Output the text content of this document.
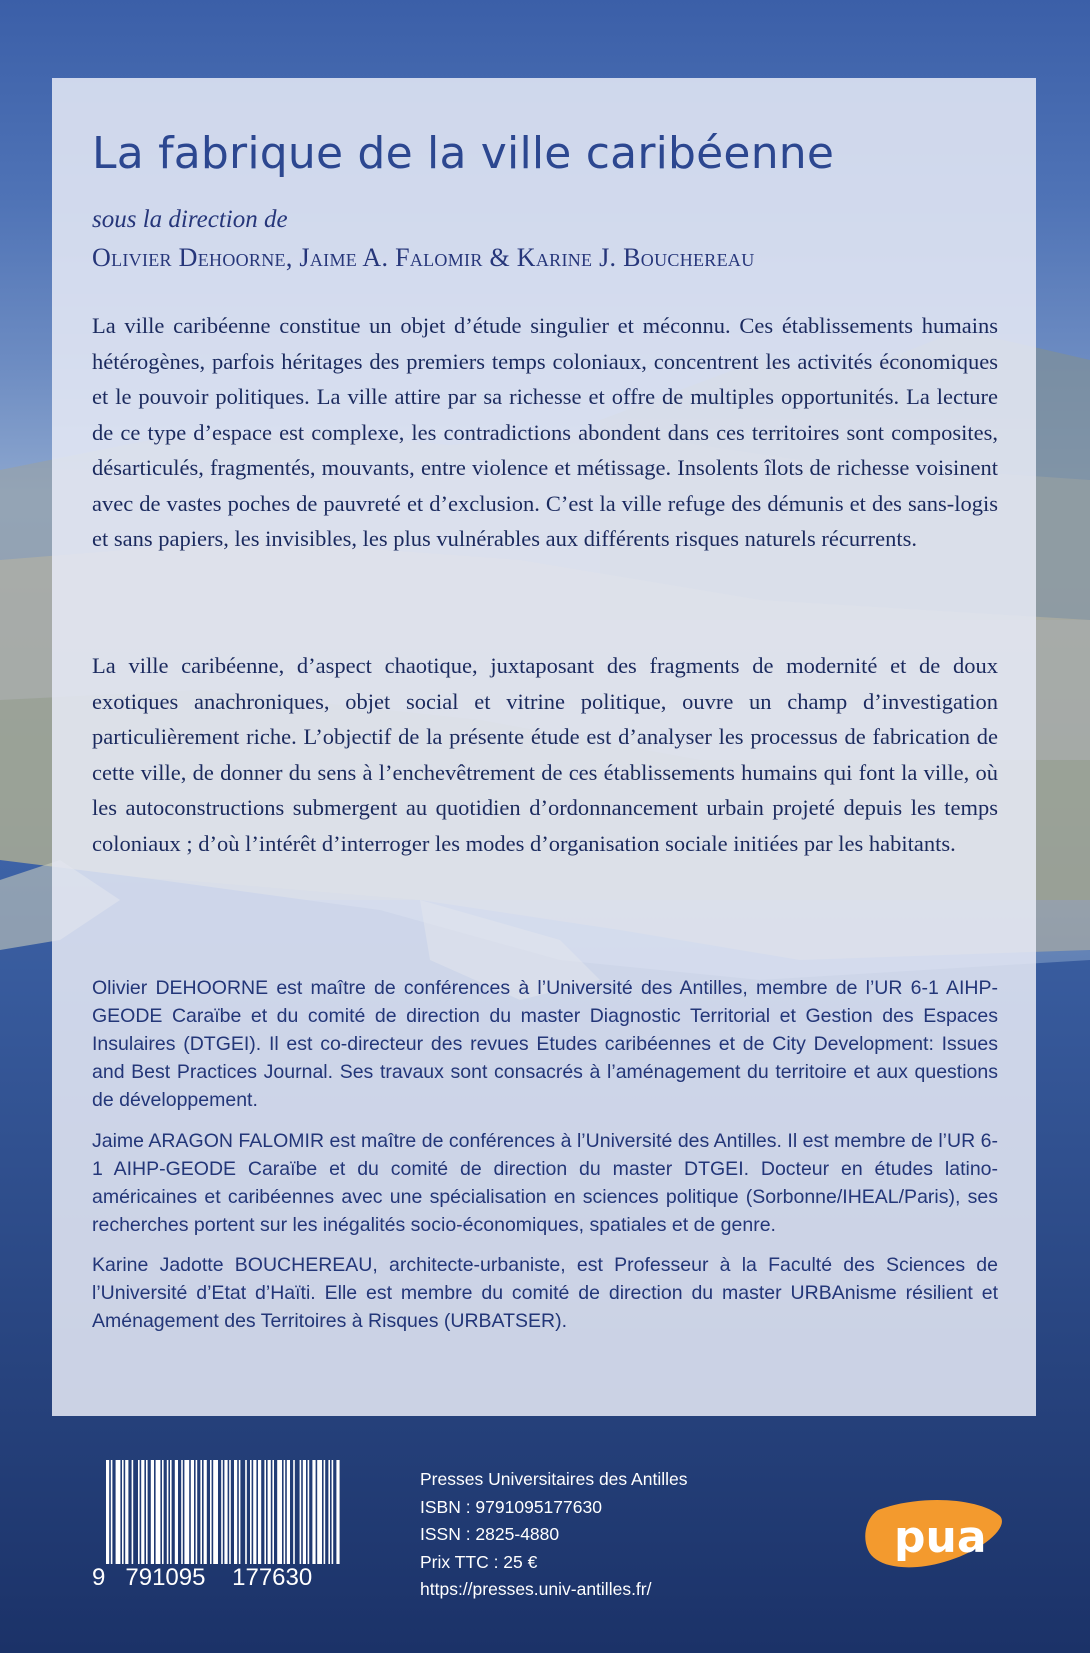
La fabrique de la ville caribéenne
sous la direction de
Olivier Dehoorne, Jaime A. Falomir & Karine J. Bouchereau

La ville caribéenne constitue un objet d’étude singulier et méconnu. Ces établissements humains hétérogènes, parfois héritages des premiers temps coloniaux, concentrent les activités économiques et le pouvoir politiques. La ville attire par sa richesse et offre de multiples opportunités. La lecture de ce type d’espace est complexe, les contradictions abondent dans ces territoires sont composites, désarticulés, fragmentés, mouvants, entre violence et métissage. Insolents îlots de richesse voisinent avec de vastes poches de pauvreté et d’exclusion. C’est la ville refuge des démunis et des sans-logis et sans papiers, les invisibles, les plus vulnérables aux différents risques naturels récurrents.

La ville caribéenne, d’aspect chaotique, juxtaposant des fragments de modernité et de doux exotiques anachroniques, objet social et vitrine politique, ouvre un champ d’investigation particulièrement riche. L’objectif de la présente étude est d’analyser les processus de fabrication de cette ville, de donner du sens à l’enchevêtrement de ces établissements humains qui font la ville, où les autoconstructions submergent au quotidien d’ordonnancement urbain projeté depuis les temps coloniaux ; d’où l’intérêt d’interroger les modes d’organisation sociale initiées par les habitants.

Olivier DEHOORNE est maître de conférences à l’Université des Antilles, membre de l’UR 6-1 AIHP-GEODE Caraïbe et du comité de direction du master Diagnostic Territorial et Gestion des Espaces Insulaires (DTGEI). Il est co-directeur des revues Etudes caribéennes et de City Development: Issues and Best Practices Journal. Ses travaux sont consacrés à l’aménagement du territoire et aux questions de développement.

Jaime ARAGON FALOMIR est maître de conférences à l’Université des Antilles. Il est membre de l’UR 6-1 AIHP-GEODE Caraïbe et du comité de direction du master DTGEI. Docteur en études latino-américaines et caribéennes avec une spécialisation en sciences politique (Sorbonne/IHEAL/Paris), ses recherches portent sur les inégalités socio-économiques, spatiales et de genre.

Karine Jadotte BOUCHEREAU, architecte-urbaniste, est Professeur à la Faculté des Sciences de l’Université d’Etat d’Haïti. Elle est membre du comité de direction du master URBAnisme résilient et Aménagement des Territoires à Risques (URBATSER).

9 791095 177630
Presses Universitaires des Antilles
ISBN : 9791095177630
ISSN : 2825-4880
Prix TTC : 25 €
https://presses.univ-antilles.fr/
pua
